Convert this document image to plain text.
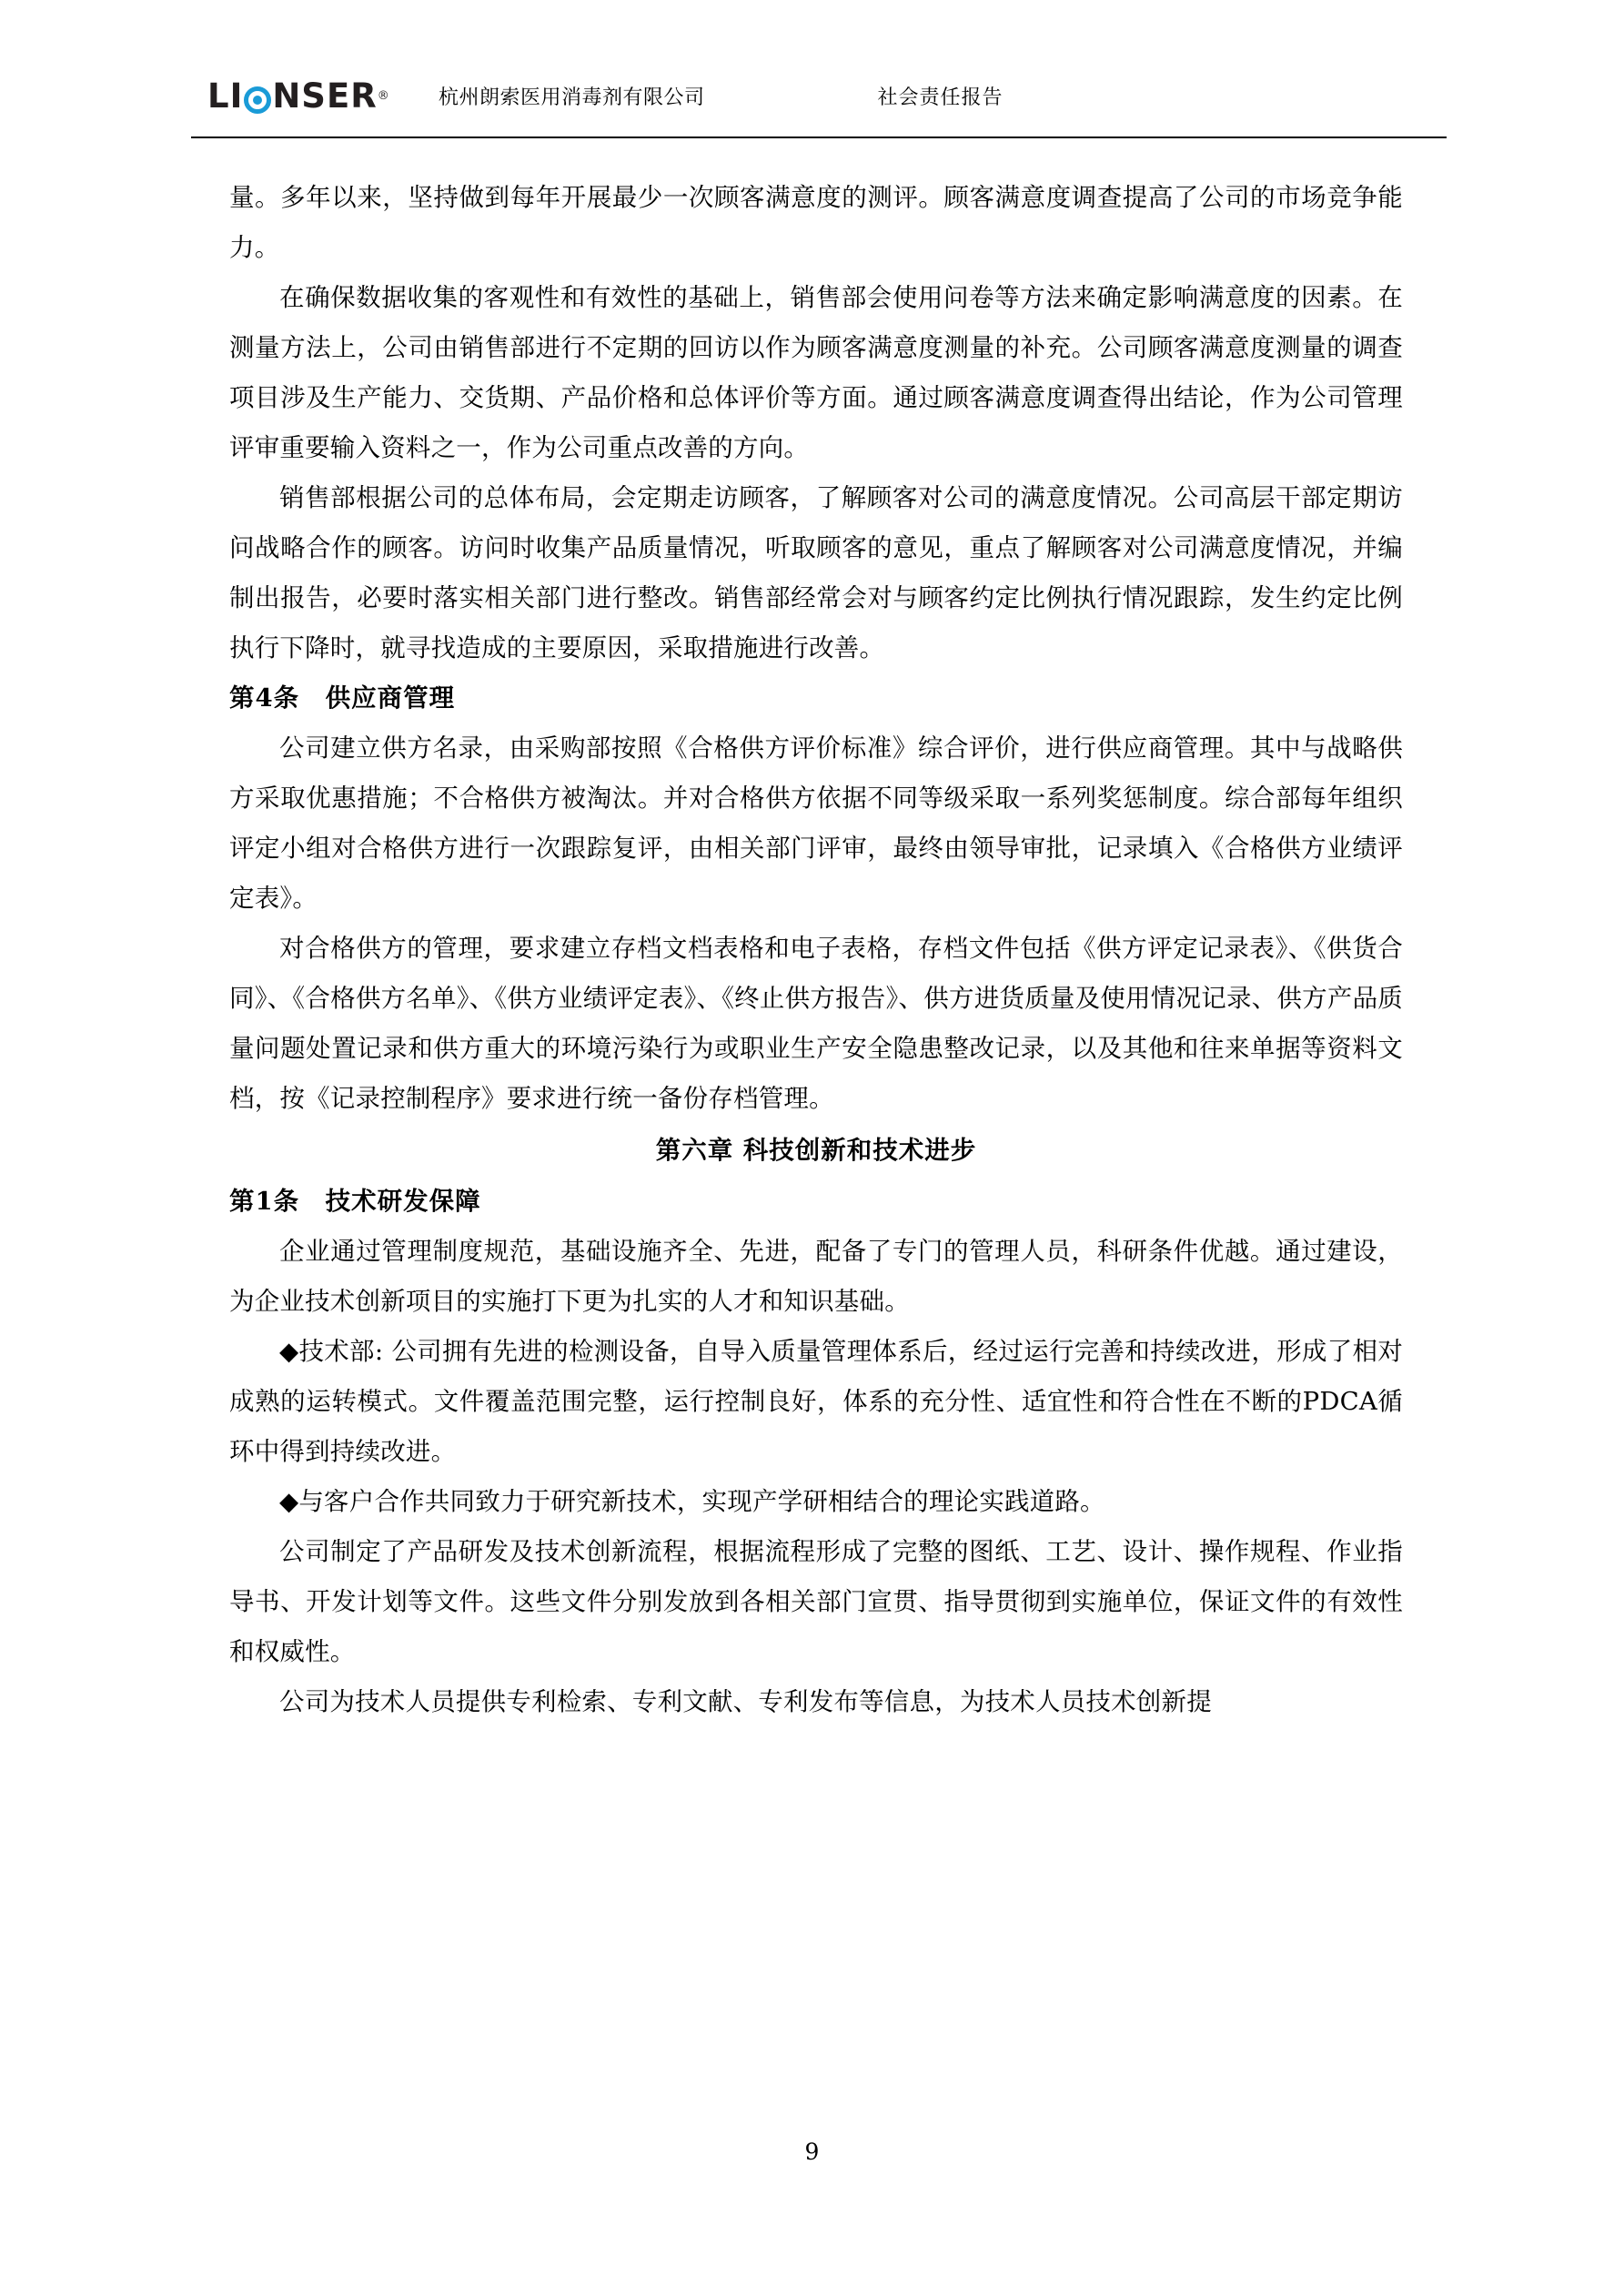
LI NSER ® 杭州朗索医用消毒剂有限公司	社会责任报告

量。多年以来，坚持做到每年开展最少一次顾客满意度的测评。顾客满意度调查提高了公司的市场竞争能力。

在确保数据收集的客观性和有效性的基础上，销售部会使用问卷等方法来确定影响满意度的因素。在测量方法上，公司由销售部进行不定期的回访以作为顾客满意度测量的补充。公司顾客满意度测量的调查项目涉及生产能力、交货期、产品价格和总体评价等方面。通过顾客满意度调查得出结论，作为公司管理评审重要输入资料之一，作为公司重点改善的方向。

销售部根据公司的总体布局，会定期走访顾客，了解顾客对公司的满意度情况。公司高层干部定期访问战略合作的顾客。访问时收集产品质量情况，听取顾客的意见，重点了解顾客对公司满意度情况，并编制出报告，必要时落实相关部门进行整改。销售部经常会对与顾客约定比例执行情况跟踪，发生约定比例执行下降时，就寻找造成的主要原因，采取措施进行改善。

第4条　供应商管理

公司建立供方名录，由采购部按照《合格供方评价标准》综合评价，进行供应商管理。其中与战略供方采取优惠措施；不合格供方被淘汰。并对合格供方依据不同等级采取一系列奖惩制度。综合部每年组织评定小组对合格供方进行一次跟踪复评，由相关部门评审，最终由领导审批，记录填入《合格供方业绩评定表》。

对合格供方的管理，要求建立存档文档表格和电子表格，存档文件包括《供方评定记录表》、《供货合同》、《合格供方名单》、《供方业绩评定表》、《终止供方报告》、供方进货质量及使用情况记录、供方产品质量问题处置记录和供方重大的环境污染行为或职业生产安全隐患整改记录，以及其他和往来单据等资料文档，按《记录控制程序》要求进行统一备份存档管理。

第六章 科技创新和技术进步
第1条　技术研发保障

企业通过管理制度规范，基础设施齐全、先进，配备了专门的管理人员，科研条件优越。通过建设，为企业技术创新项目的实施打下更为扎实的人才和知识基础。

◆技术部: 公司拥有先进的检测设备，自导入质量管理体系后，经过运行完善和持续改进，形成了相对成熟的运转模式。文件覆盖范围完整，运行控制良好，体系的充分性、适宜性和符合性在不断的PDCA循环中得到持续改进。

◆与客户合作共同致力于研究新技术，实现产学研相结合的理论实践道路。

公司制定了产品研发及技术创新流程，根据流程形成了完整的图纸、工艺、设计、操作规程、作业指导书、开发计划等文件。这些文件分别发放到各相关部门宣贯、指导贯彻到实施单位，保证文件的有效性和权威性。

公司为技术人员提供专利检索、专利文献、专利发布等信息，为技术人员技术创新提

9
